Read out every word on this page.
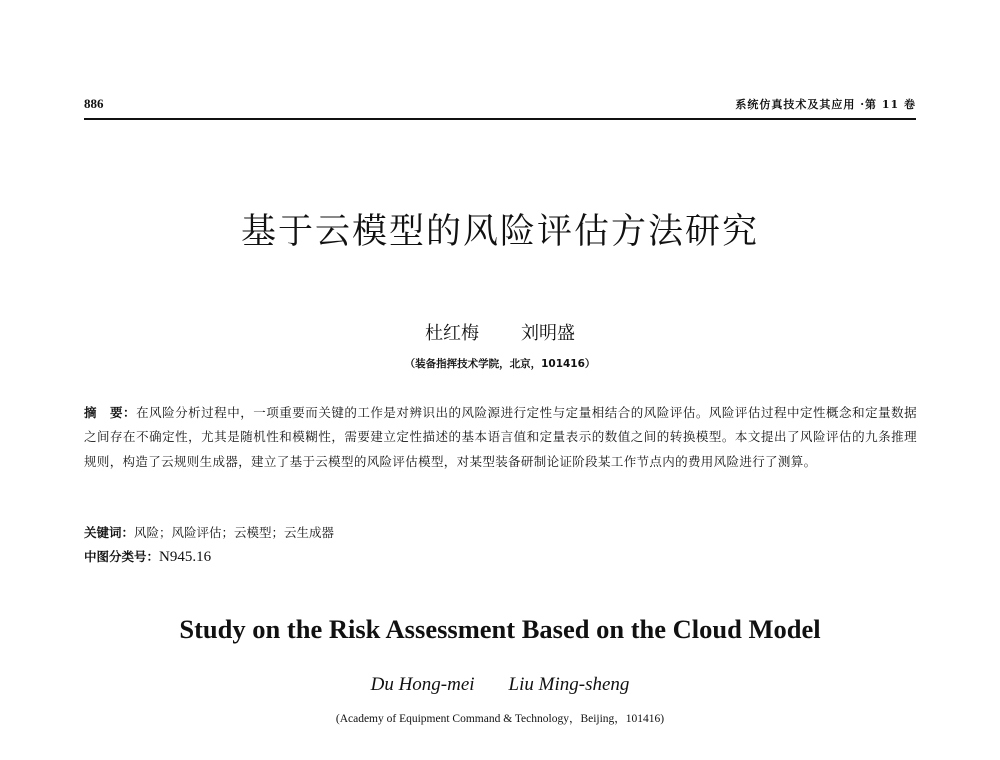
886	系统仿真技术及其应用 ·第 11 卷
基于云模型的风险评估方法研究
杜红梅 刘明盛
（装备指挥技术学院，北京，101416）
摘　要：在风险分析过程中，一项重要而关键的工作是对辨识出的风险源进行定性与定量相结合的风险评估。风险评估过程中定性概念和定量数据之间存在不确定性，尤其是随机性和模糊性，需要建立定性描述的基本语言值和定量表示的数值之间的转换模型。本文提出了风险评估的九条推理规则，构造了云规则生成器，建立了基于云模型的风险评估模型，对某型装备研制论证阶段某工作节点内的费用风险进行了测算。
关键词：风险；风险评估；云模型；云生成器
中图分类号：N945.16
Study on the Risk Assessment Based on the Cloud Model
Du Hong-mei Liu Ming-sheng
(Academy of Equipment Command & Technology，Beijing，101416)
